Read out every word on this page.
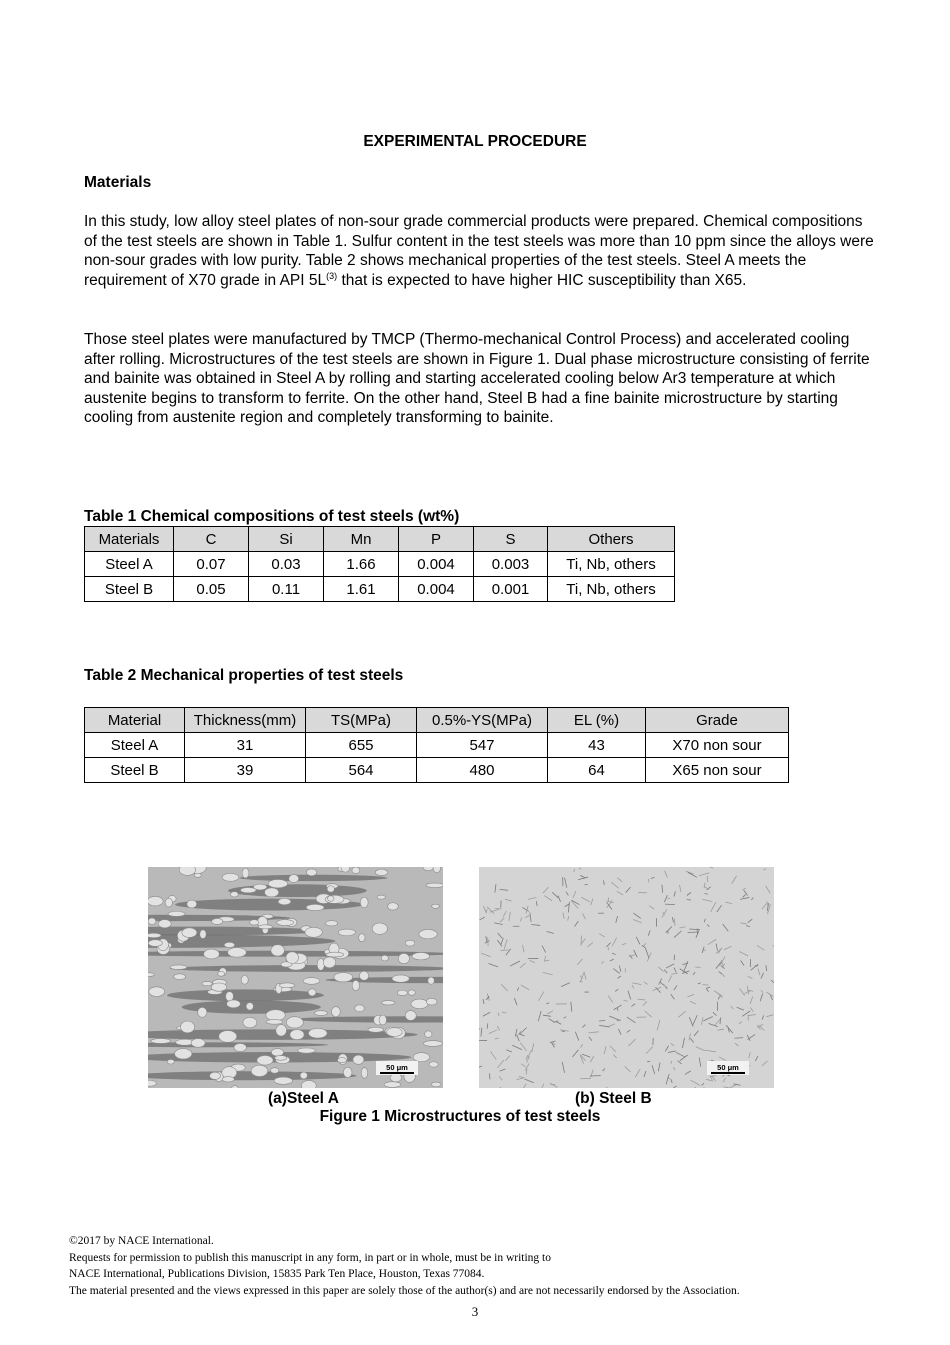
EXPERIMENTAL PROCEDURE
Materials

In this study, low alloy steel plates of non-sour grade commercial products were prepared. Chemical compositions of the test steels are shown in Table 1. Sulfur content in the test steels was more than 10 ppm since the alloys were non-sour grades with low purity. Table 2 shows mechanical properties of the test steels. Steel A meets the requirement of X70 grade in API $5L^{(3)}$ that is expected to have higher HIC susceptibility than X65.

Those steel plates were manufactured by TMCP (Thermo-mechanical Control Process) and accelerated cooling after rolling. Microstructures of the test steels are shown in Figure 1. Dual phase microstructure consisting of ferrite and bainite was obtained in Steel A by rolling and starting accelerated cooling below Ar3 temperature at which austenite begins to transform to ferrite. On the other hand, Steel B had a fine bainite microstructure by starting cooling from austenite region and completely transforming to bainite.

Table 1 Chemical compositions of test steels (wt%)
Materials	C	Si	Mn	P	S	Others
Steel A	0.07	0.03	1.66	0.004	0.003	Ti, Nb, others
Steel B	0.05	0.11	1.61	0.004	0.001	Ti, Nb, others
Table 2 Mechanical properties of test steels
Material	Thickness(mm)	TS(MPa)	0.5%-YS(MPa)	EL (%)	Grade
Steel A	31	655	547	43	X70 non sour
Steel B	39	564	480	64	X65 non sour
50 μm	50 μm
(a)Steel A	(b) Steel B
Figure 1 Microstructures of test steels
©2017 by NACE International.
Requests for permission to publish this manuscript in any form, in part or in whole, must be in writing to
NACE International, Publications Division, 15835 Park Ten Place, Houston, Texas 77084.
The material presented and the views expressed in this paper are solely those of the author(s) and are not necessarily endorsed by the Association.
3
